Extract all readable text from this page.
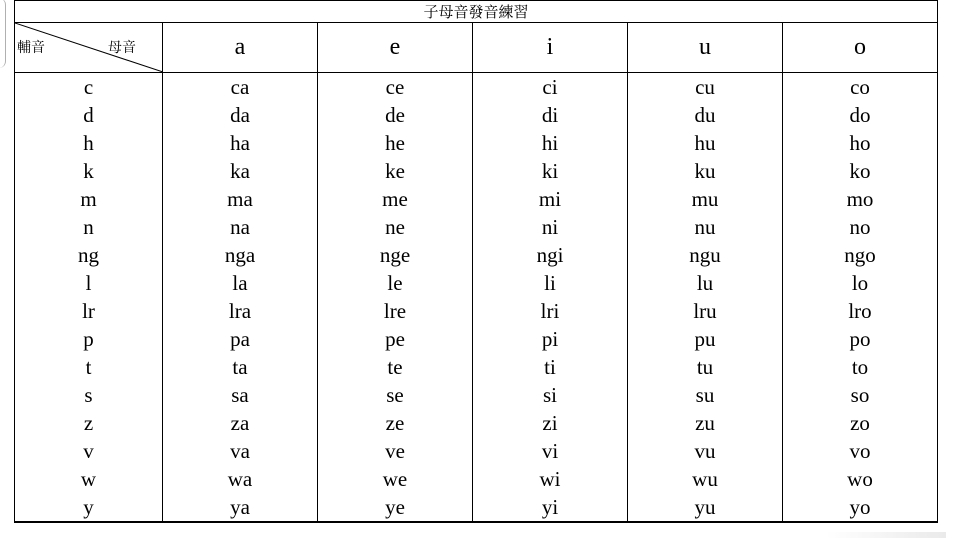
子母音發音練習					

輔音 母音	a	e	i	u	o
c	ca	ce	ci	cu	co
d	da	de	di	du	do
h	ha	he	hi	hu	ho
k	ka	ke	ki	ku	ko
m	ma	me	mi	mu	mo
n	na	ne	ni	nu	no
ng	nga	nge	ngi	ngu	ngo
l	la	le	li	lu	lo
lr	lra	lre	lri	lru	lro
p	pa	pe	pi	pu	po
t	ta	te	ti	tu	to
s	sa	se	si	su	so
z	za	ze	zi	zu	zo
v	va	ve	vi	vu	vo
w	wa	we	wi	wu	wo
y	ya	ye	yi	yu	yo
